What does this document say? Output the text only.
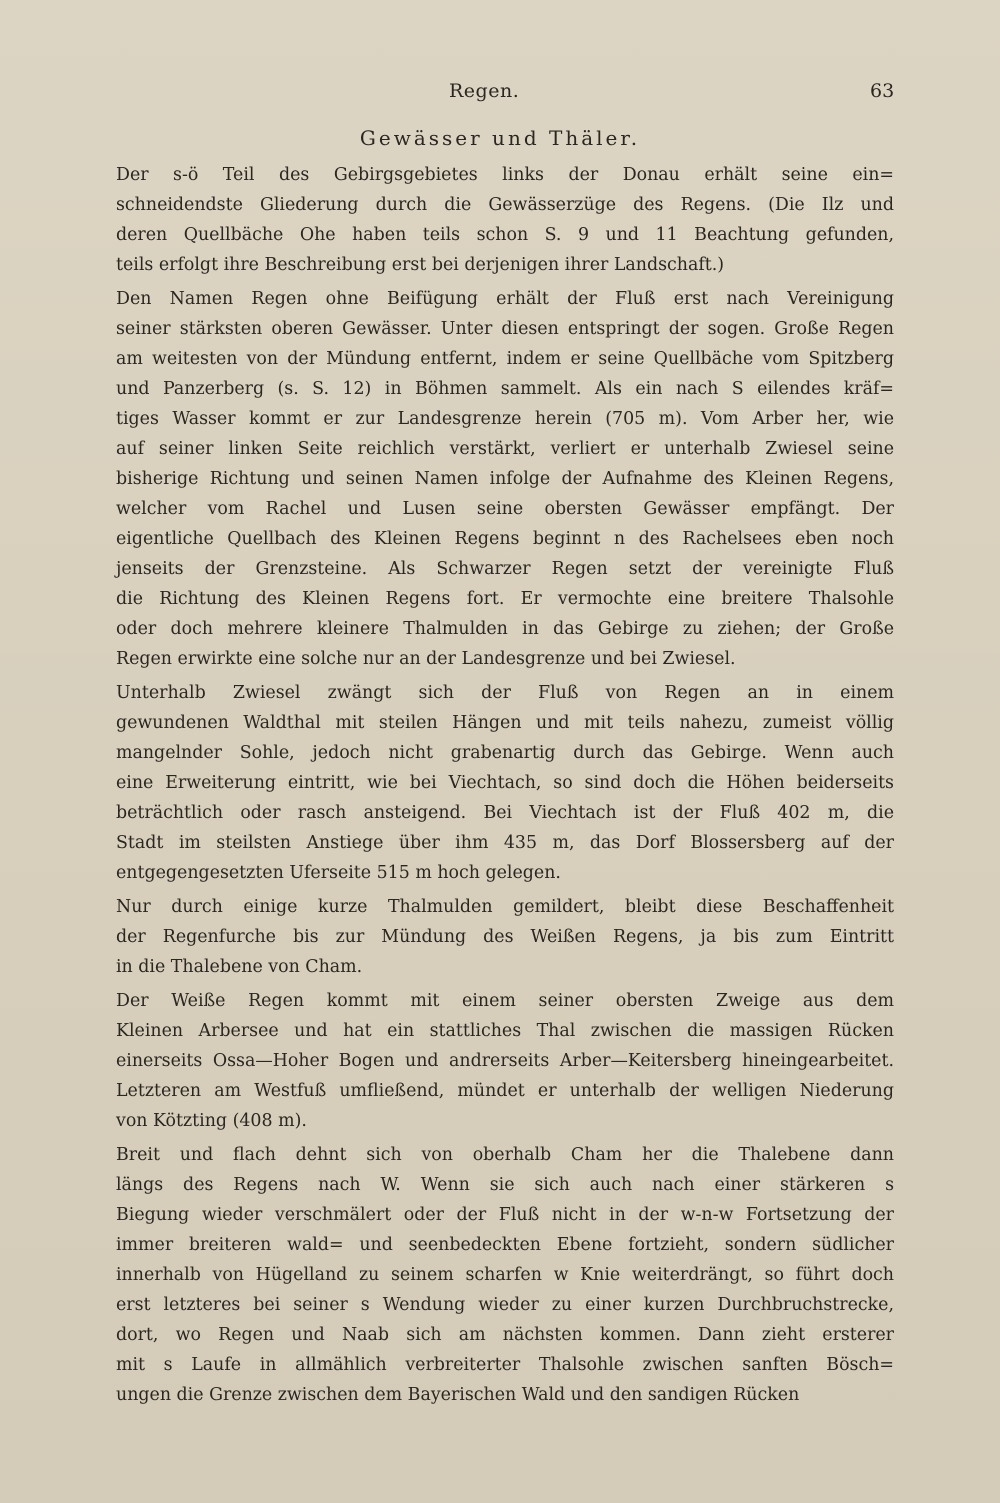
Regen.	63
Gewässer und Thäler.

Der s-ö Teil des Gebirgsgebietes links der Donau erhält seine ein=
schneidendste Gliederung durch die Gewässerzüge des Regens. (Die Ilz und
deren Quellbäche Ohe haben teils schon S. 9 und 11 Beachtung gefunden,
teils erfolgt ihre Beschreibung erst bei derjenigen ihrer Landschaft.)

Den Namen Regen ohne Beifügung erhält der Fluß erst nach Vereinigung
seiner stärksten oberen Gewässer. Unter diesen entspringt der sogen. Große Regen
am weitesten von der Mündung entfernt, indem er seine Quellbäche vom Spitzberg
und Panzerberg (s. S. 12) in Böhmen sammelt. Als ein nach S eilendes kräf=
tiges Wasser kommt er zur Landesgrenze herein (705 m). Vom Arber her, wie
auf seiner linken Seite reichlich verstärkt, verliert er unterhalb Zwiesel seine
bisherige Richtung und seinen Namen infolge der Aufnahme des Kleinen Regens,
welcher vom Rachel und Lusen seine obersten Gewässer empfängt. Der
eigentliche Quellbach des Kleinen Regens beginnt n des Rachelsees eben noch
jenseits der Grenzsteine. Als Schwarzer Regen setzt der vereinigte Fluß
die Richtung des Kleinen Regens fort. Er vermochte eine breitere Thalsohle
oder doch mehrere kleinere Thalmulden in das Gebirge zu ziehen; der Große
Regen erwirkte eine solche nur an der Landesgrenze und bei Zwiesel.

Unterhalb Zwiesel zwängt sich der Fluß von Regen an in einem
gewundenen Waldthal mit steilen Hängen und mit teils nahezu, zumeist völlig
mangelnder Sohle, jedoch nicht grabenartig durch das Gebirge. Wenn auch
eine Erweiterung eintritt, wie bei Viechtach, so sind doch die Höhen beiderseits
beträchtlich oder rasch ansteigend. Bei Viechtach ist der Fluß 402 m, die
Stadt im steilsten Anstiege über ihm 435 m, das Dorf Blossersberg auf der
entgegengesetzten Uferseite 515 m hoch gelegen.

Nur durch einige kurze Thalmulden gemildert, bleibt diese Beschaffenheit
der Regenfurche bis zur Mündung des Weißen Regens, ja bis zum Eintritt
in die Thalebene von Cham.

Der Weiße Regen kommt mit einem seiner obersten Zweige aus dem
Kleinen Arbersee und hat ein stattliches Thal zwischen die massigen Rücken
einerseits Ossa—Hoher Bogen und andrerseits Arber—Keitersberg hineingearbeitet.
Letzteren am Westfuß umfließend, mündet er unterhalb der welligen Niederung
von Kötzting (408 m).

Breit und flach dehnt sich von oberhalb Cham her die Thalebene dann
längs des Regens nach W. Wenn sie sich auch nach einer stärkeren s
Biegung wieder verschmälert oder der Fluß nicht in der w-n-w Fortsetzung der
immer breiteren wald= und seenbedeckten Ebene fortzieht, sondern südlicher
innerhalb von Hügelland zu seinem scharfen w Knie weiterdrängt, so führt doch
erst letzteres bei seiner s Wendung wieder zu einer kurzen Durchbruchstrecke,
dort, wo Regen und Naab sich am nächsten kommen. Dann zieht ersterer
mit s Laufe in allmählich verbreiterter Thalsohle zwischen sanften Bösch=
ungen die Grenze zwischen dem Bayerischen Wald und den sandigen Rücken
